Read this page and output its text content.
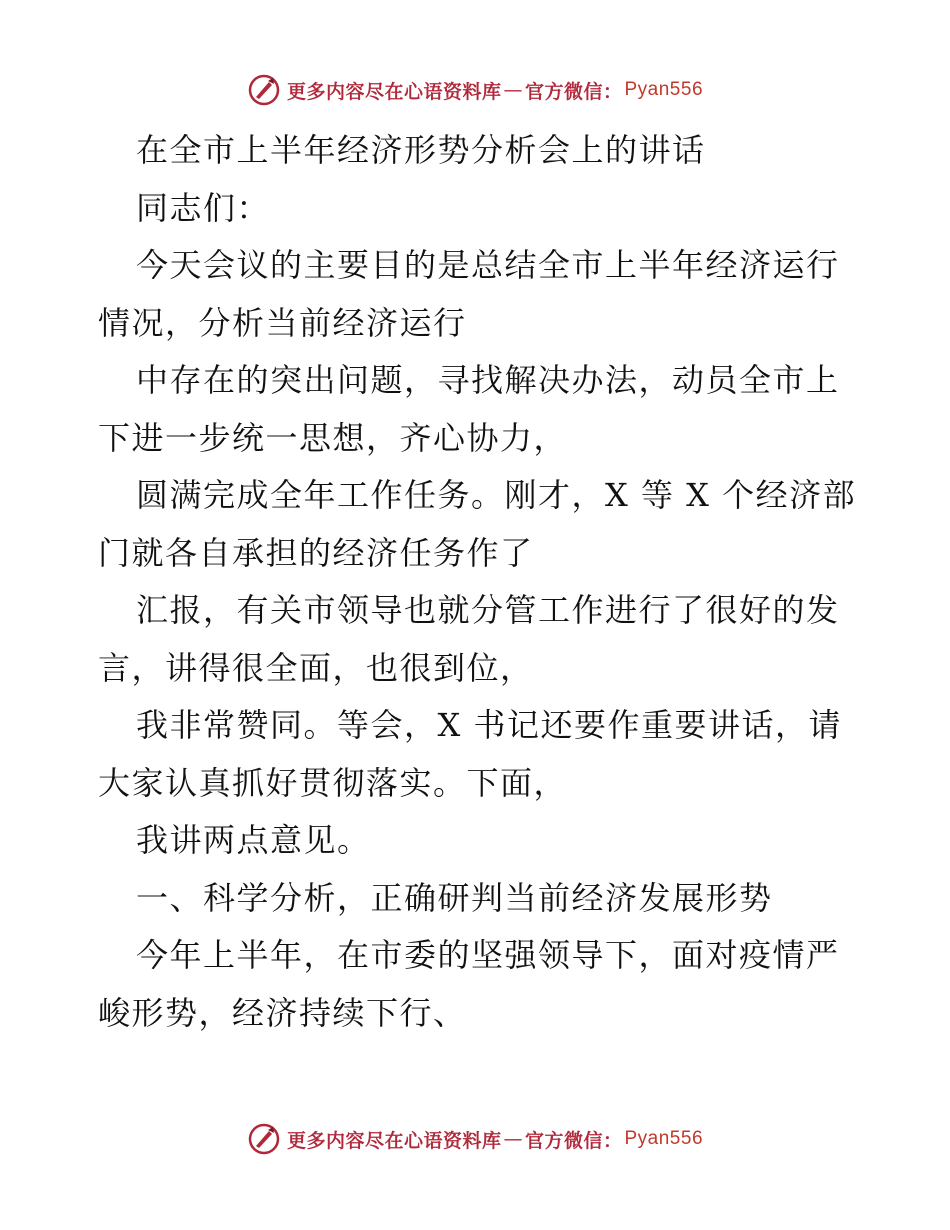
更多内容尽在心语资料库 — 官方微信： Pyan556
在全市上半年经济形势分析会上的讲话
同志们：
今天会议的主要目的是总结全市上半年经济运行
情况，分析当前经济运行
中存在的突出问题，寻找解决办法，动员全市上
下进一步统一思想，齐心协力，
圆满完成全年工作任务。刚才，X 等 X 个经济部
门就各自承担的经济任务作了
汇报，有关市领导也就分管工作进行了很好的发
言，讲得很全面，也很到位，
我非常赞同。等会，X 书记还要作重要讲话，请
大家认真抓好贯彻落实。下面，
我讲两点意见。
一、科学分析，正确研判当前经济发展形势
今年上半年，在市委的坚强领导下，面对疫情严
峻形势，经济持续下行、
更多内容尽在心语资料库 — 官方微信： Pyan556
